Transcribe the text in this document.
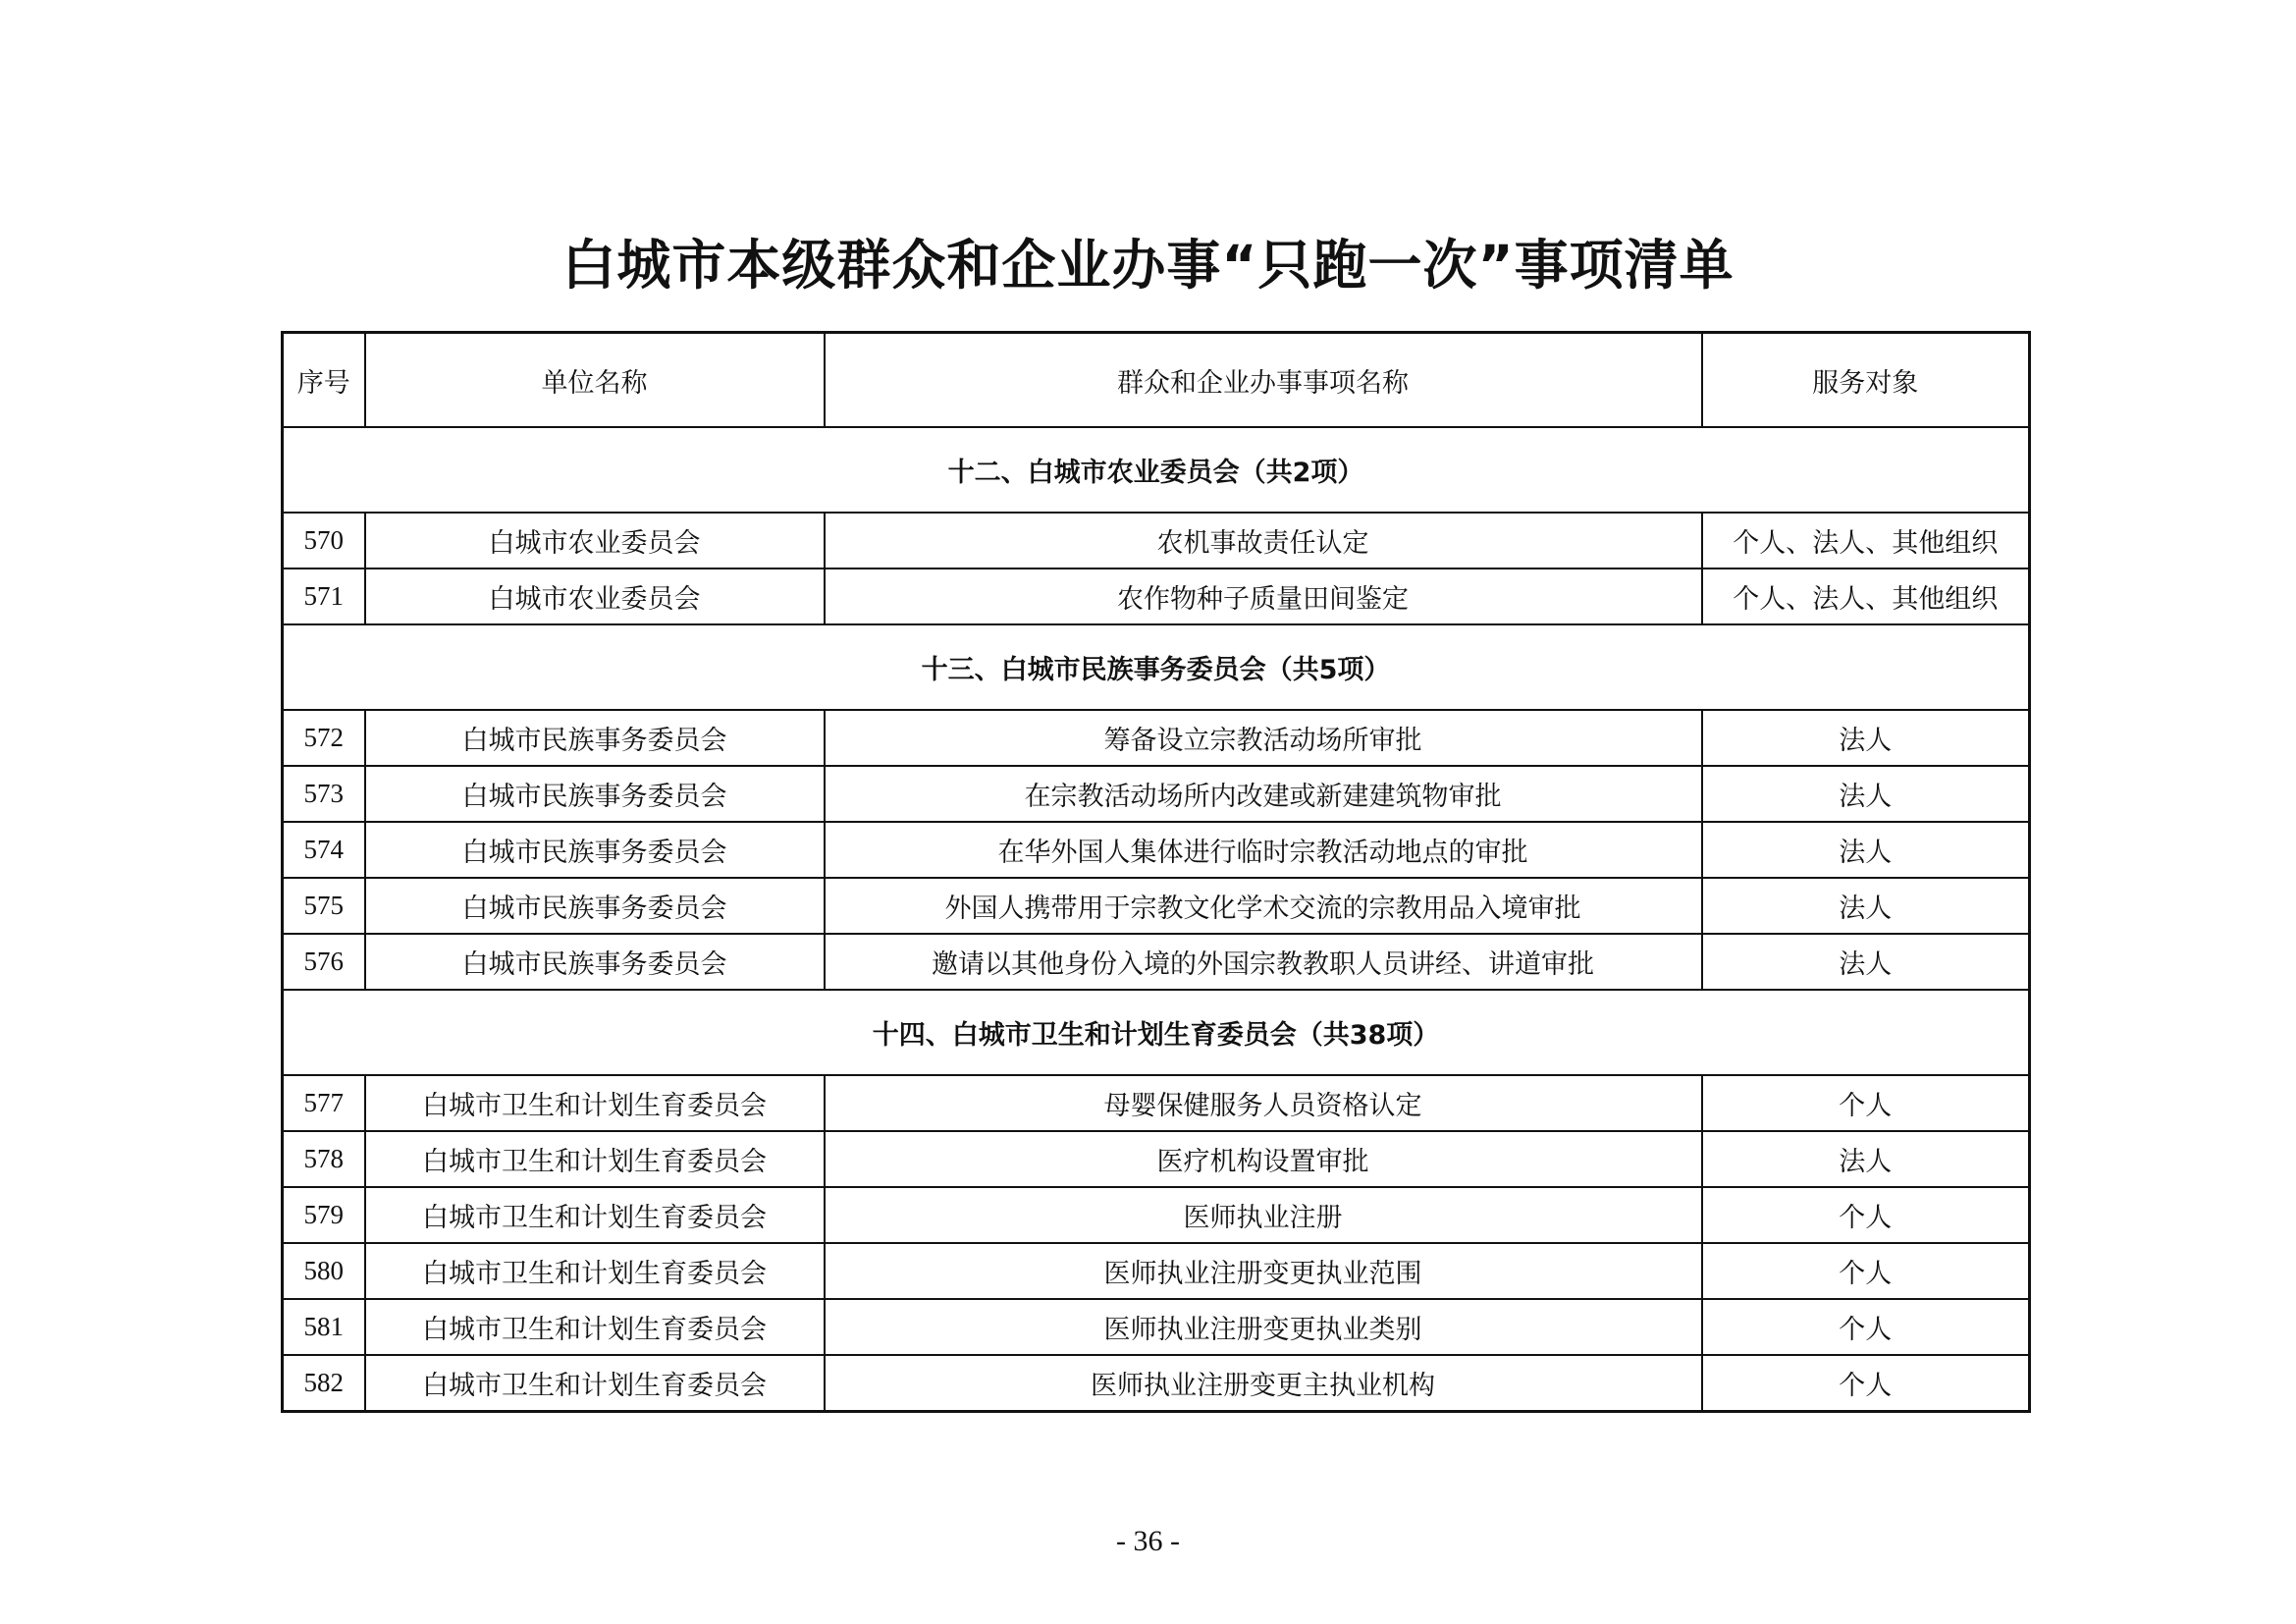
白城市本级群众和企业办事“只跑一次”事项清单
序号	单位名称	群众和企业办事事项名称	服务对象
十二、白城市农业委员会（共2项）			
570	白城市农业委员会	农机事故责任认定	个人、法人、其他组织
571	白城市农业委员会	农作物种子质量田间鉴定	个人、法人、其他组织
十三、白城市民族事务委员会（共5项）			
572	白城市民族事务委员会	筹备设立宗教活动场所审批	法人
573	白城市民族事务委员会	在宗教活动场所内改建或新建建筑物审批	法人
574	白城市民族事务委员会	在华外国人集体进行临时宗教活动地点的审批	法人
575	白城市民族事务委员会	外国人携带用于宗教文化学术交流的宗教用品入境审批	法人
576	白城市民族事务委员会	邀请以其他身份入境的外国宗教教职人员讲经、讲道审批	法人
十四、白城市卫生和计划生育委员会（共38项）			
577	白城市卫生和计划生育委员会	母婴保健服务人员资格认定	个人
578	白城市卫生和计划生育委员会	医疗机构设置审批	法人
579	白城市卫生和计划生育委员会	医师执业注册	个人
580	白城市卫生和计划生育委员会	医师执业注册变更执业范围	个人
581	白城市卫生和计划生育委员会	医师执业注册变更执业类别	个人
582	白城市卫生和计划生育委员会	医师执业注册变更主执业机构	个人
- 36 -
